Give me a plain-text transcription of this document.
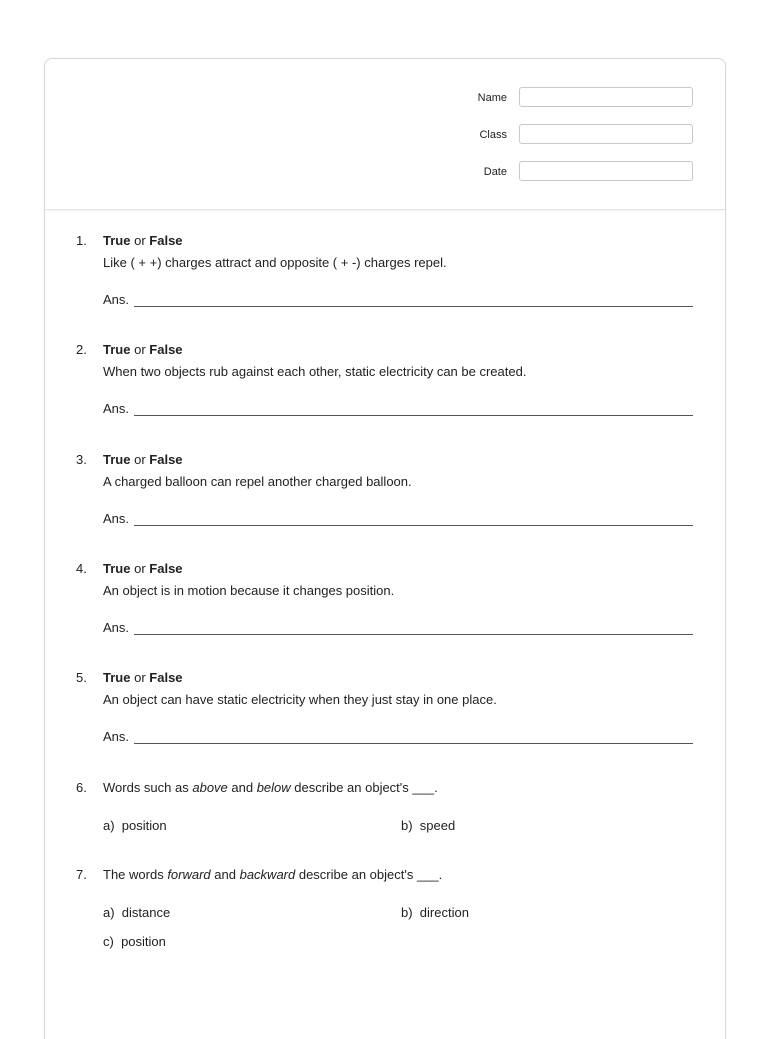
Name
Class
Date
1. True or False
Like ( + +) charges attract and opposite ( + -) charges repel.
Ans.
2. True or False
When two objects rub against each other, static electricity can be created.
Ans.
3. True or False
A charged balloon can repel another charged balloon.
Ans.
4. True or False
An object is in motion because it changes position.
Ans.
5. True or False
An object can have static electricity when they just stay in one place.
Ans.
6. Words such as above and below describe an object's ___.
a) position	b) speed
7. The words forward and backward describe an object's ___.
a) distance	b) direction
c) position
